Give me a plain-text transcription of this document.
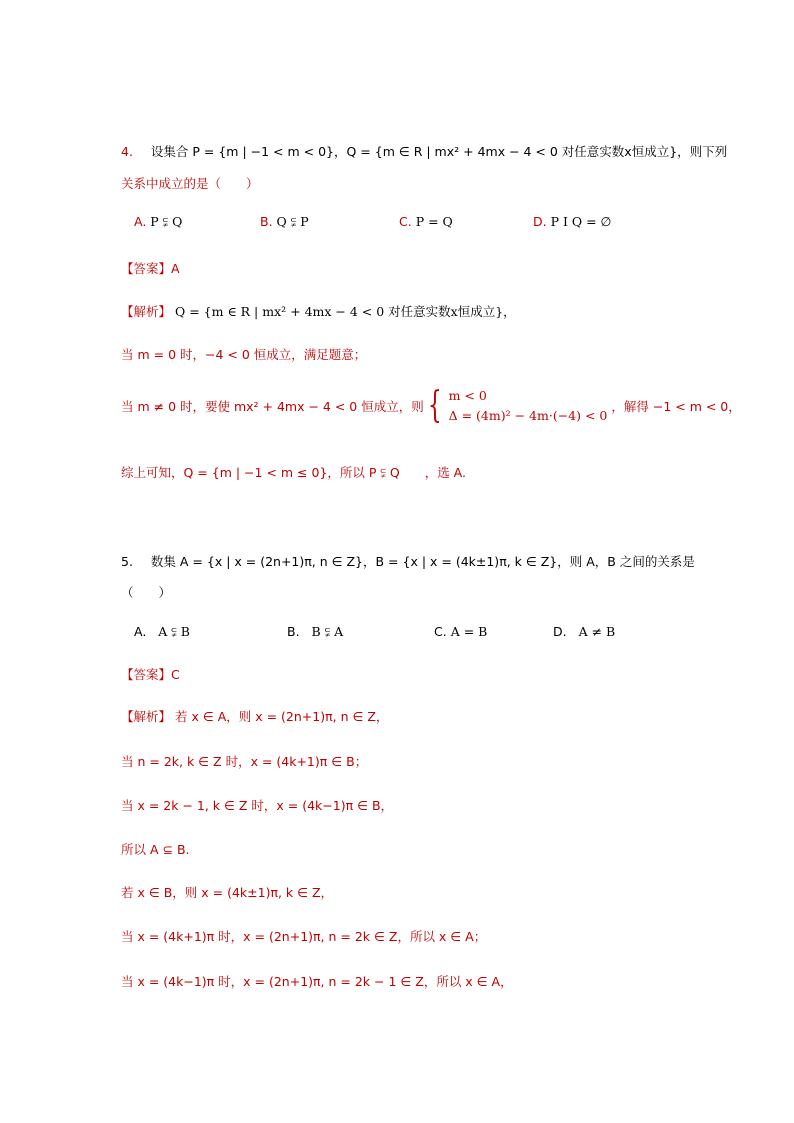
4. 设集合 P = {m | −1 < m < 0}，Q = {m ∈ R | mx² + 4mx − 4 < 0 对任意实数x恒成立}，则下列
关系中成立的是（　　）
A. P ⫋ Q	B. Q ⫋ P	C. P = Q	D. P I Q = ∅
【答案】A
【解析】 Q = {m ∈ R | mx² + 4mx − 4 < 0 对任意实数x恒成立}，
当 m = 0 时，−4 < 0 恒成立，满足题意；
当 m ≠ 0 时，要使 mx² + 4mx − 4 < 0 恒成立，则 { m < 0
Δ = (4m)² − 4m·(−4) < 0
，解得 −1 < m < 0，
综上可知，Q = {m | −1 < m ≤ 0}，所以 P ⫋ Q　　，选 A.
5. 数集 A = {x | x = (2n+1)π, n ∈ Z}，B = {x | x = (4k±1)π, k ∈ Z}，则 A，B 之间的关系是
（　　）
A. A ⫋ B	B. B ⫋ A	C. A = B	D. A ≠ B
【答案】C
【解析】 若 x ∈ A，则 x = (2n+1)π, n ∈ Z，
当 n = 2k, k ∈ Z 时，x = (4k+1)π ∈ B；
当 x = 2k − 1, k ∈ Z 时，x = (4k−1)π ∈ B，
所以 A ⊆ B.
若 x ∈ B，则 x = (4k±1)π, k ∈ Z，
当 x = (4k+1)π 时，x = (2n+1)π, n = 2k ∈ Z，所以 x ∈ A；
当 x = (4k−1)π 时，x = (2n+1)π, n = 2k − 1 ∈ Z，所以 x ∈ A，
